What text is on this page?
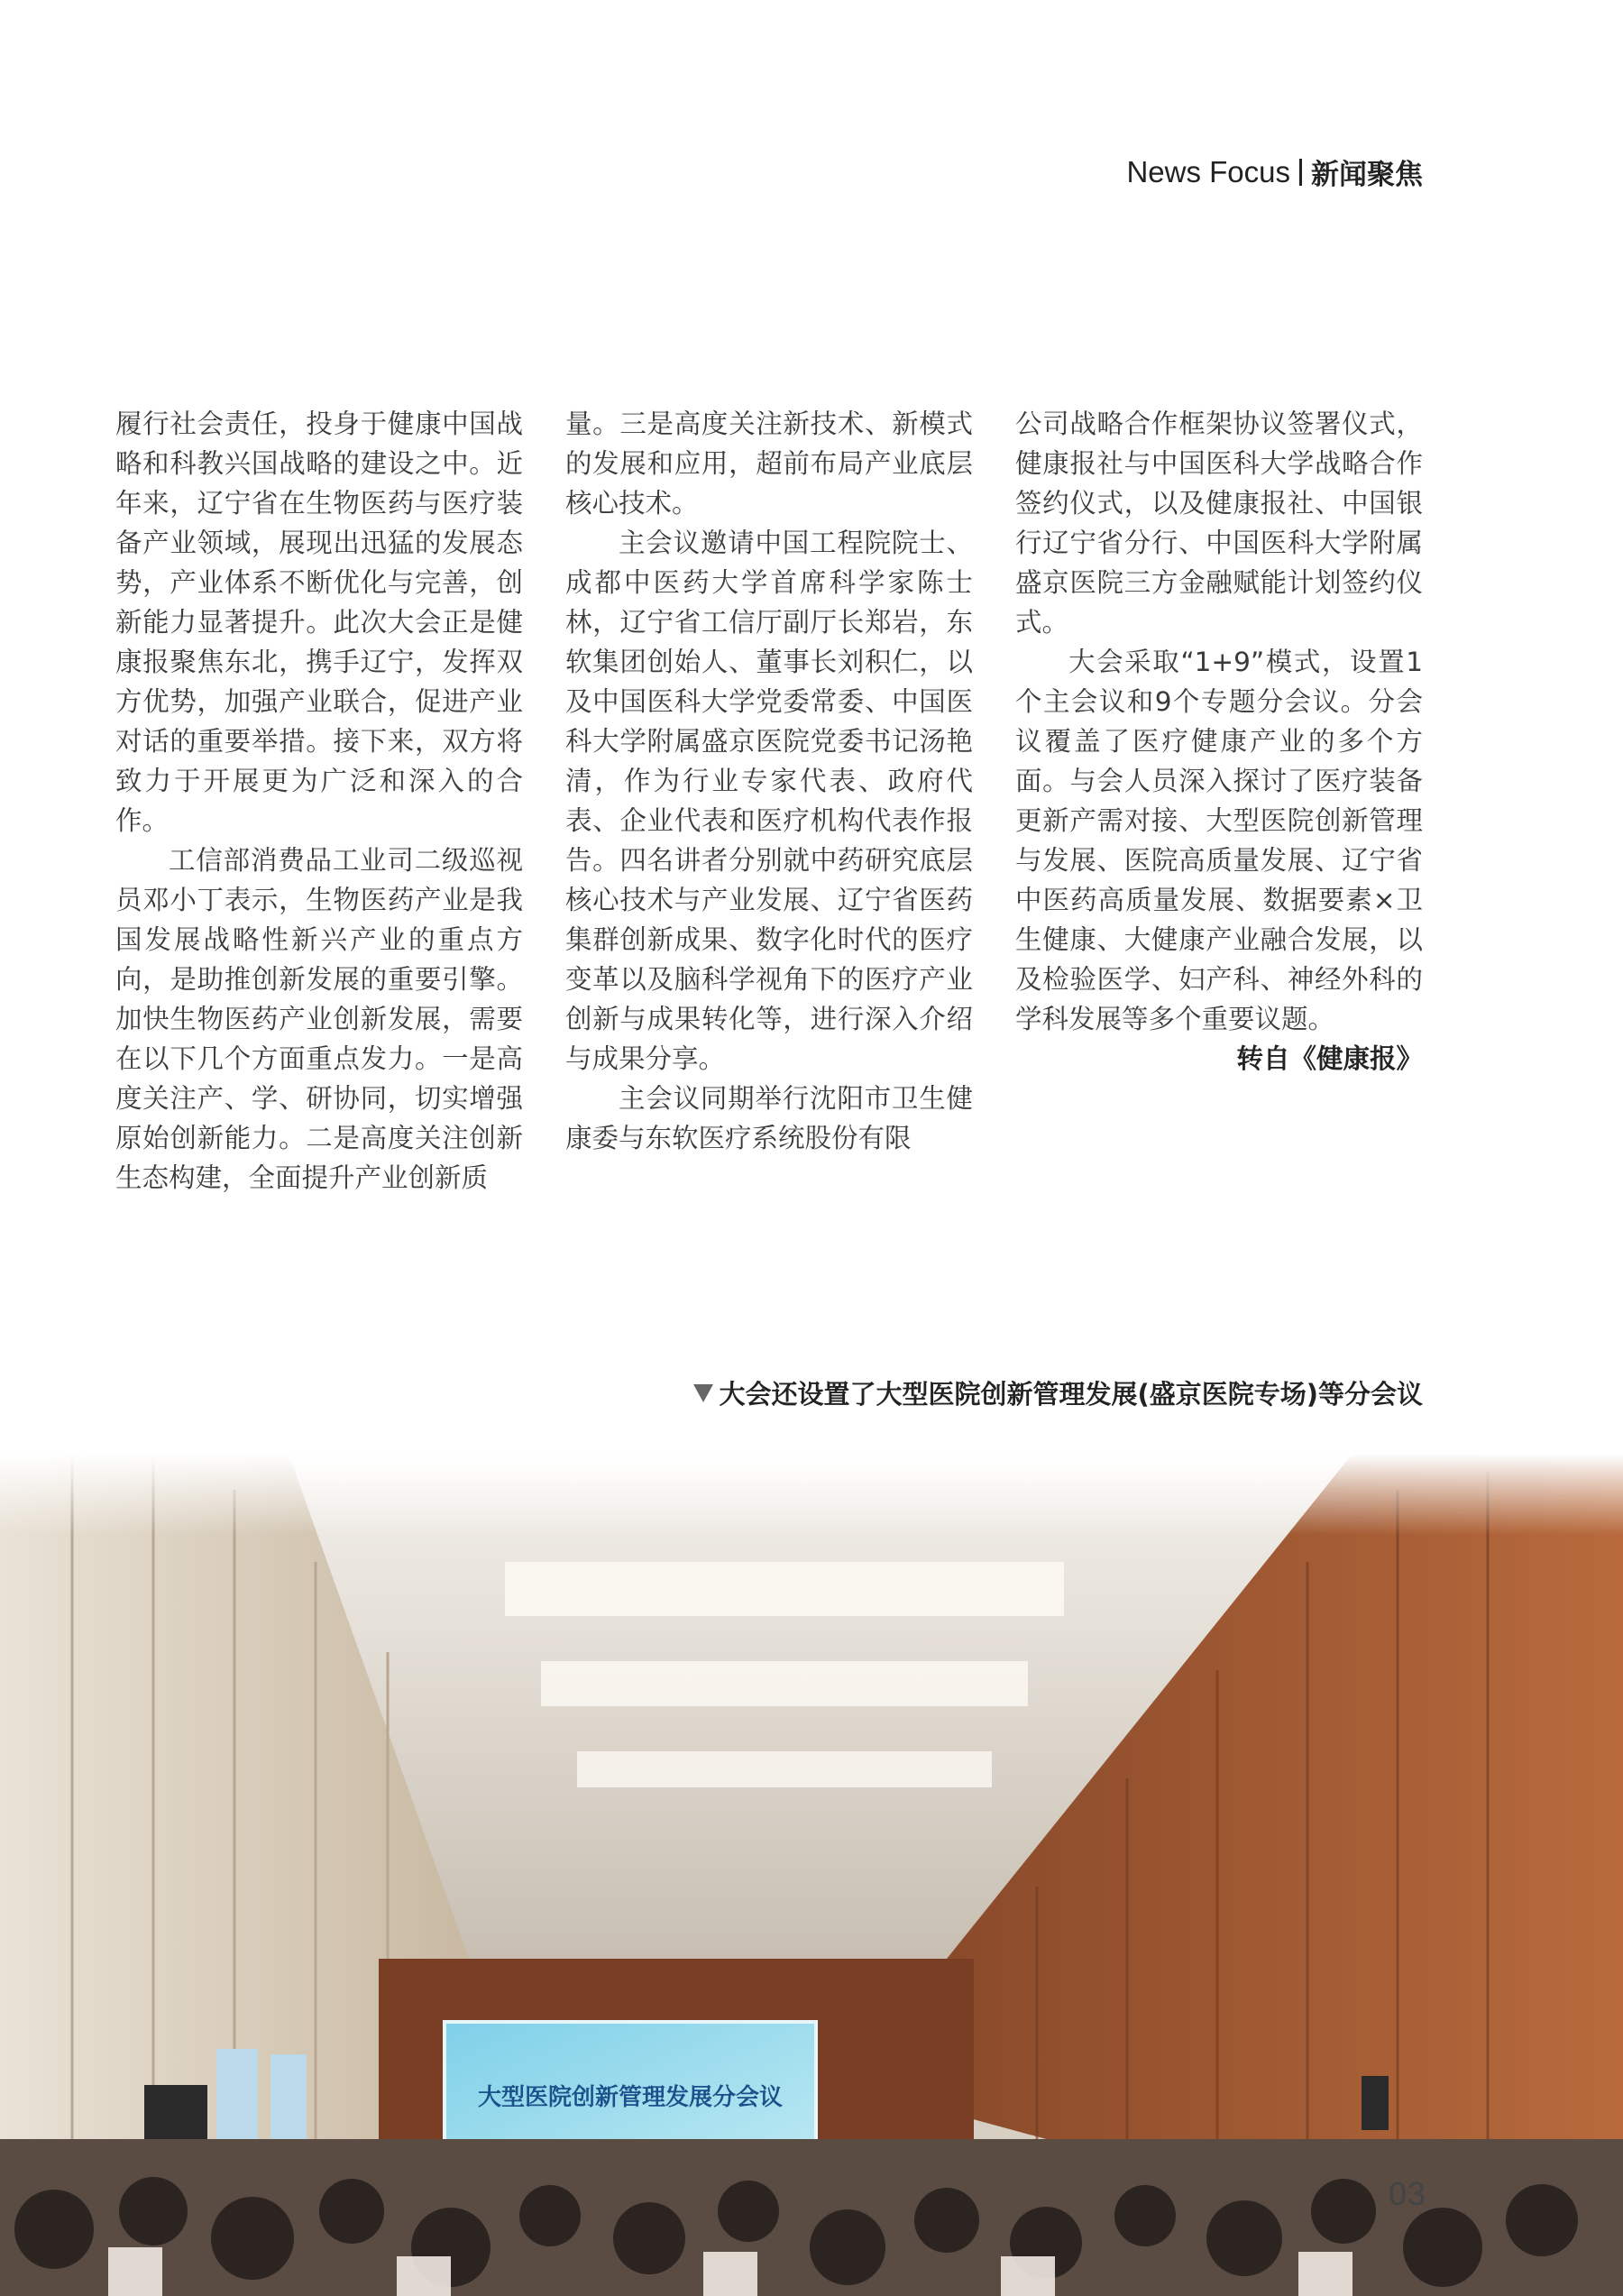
News Focus 新闻聚焦

履行社会责任，投身于健康中国战略和科教兴国战略的建设之中。近年来，辽宁省在生物医药与医疗装备产业领域，展现出迅猛的发展态势，产业体系不断优化与完善，创新能力显著提升。此次大会正是健康报聚焦东北，携手辽宁，发挥双方优势，加强产业联合，促进产业对话的重要举措。接下来，双方将致力于开展更为广泛和深入的合作。

工信部消费品工业司二级巡视员邓小丁表示，生物医药产业是我国发展战略性新兴产业的重点方向，是助推创新发展的重要引擎。加快生物医药产业创新发展，需要在以下几个方面重点发力。一是高度关注产、学、研协同，切实增强原始创新能力。二是高度关注创新生态构建，全面提升产业创新质

量。三是高度关注新技术、新模式的发展和应用，超前布局产业底层核心技术。

主会议邀请中国工程院院士、成都中医药大学首席科学家陈士林，辽宁省工信厅副厅长郑岩，东软集团创始人、董事长刘积仁，以及中国医科大学党委常委、中国医科大学附属盛京医院党委书记汤艳清，作为行业专家代表、政府代表、企业代表和医疗机构代表作报告。四名讲者分别就中药研究底层核心技术与产业发展、辽宁省医药集群创新成果、数字化时代的医疗变革以及脑科学视角下的医疗产业创新与成果转化等，进行深入介绍与成果分享。

主会议同期举行沈阳市卫生健康委与东软医疗系统股份有限

公司战略合作框架协议签署仪式，健康报社与中国医科大学战略合作签约仪式，以及健康报社、中国银行辽宁省分行、中国医科大学附属盛京医院三方金融赋能计划签约仪式。

大会采取“1+9”模式，设置1个主会议和9个专题分会议。分会议覆盖了医疗健康产业的多个方面。与会人员深入探讨了医疗装备更新产需对接、大型医院创新管理与发展、医院高质量发展、辽宁省中医药高质量发展、数据要素×卫生健康、大健康产业融合发展，以及检验医学、妇产科、神经外科的学科发展等多个重要议题。

转自《健康报》

大会还设置了大型医院创新管理发展(盛京医院专场)等分会议
大型医院创新管理发展分会议
03
